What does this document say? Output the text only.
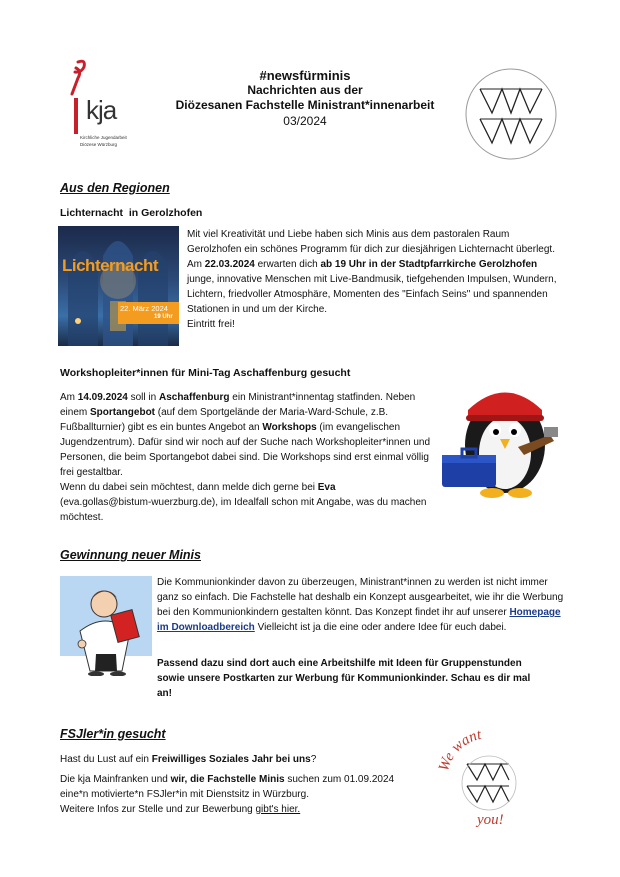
kja
Kirchliche Jugendarbeit
Diözese Würzburg
#newsfürminis
Nachrichten aus der
Diözesanen Fachstelle Ministrant*innenarbeit
03/2024
Aus den Regionen
Lichternacht  in Gerolzhofen
Lichternacht
22. März 2024
19 Uhr
Mit viel Kreativität und Liebe haben sich Minis aus dem pastoralen Raum Gerolzhofen ein schönes Programm für dich zur diesjährigen Lichternacht überlegt. Am 22.03.2024 erwarten dich ab 19 Uhr in der Stadtpfarrkirche Gerolzhofen junge, innovative Menschen mit Live-Bandmusik, tiefgehenden Impulsen, Wundern, Lichtern, friedvoller Atmosphäre, Momenten des "Einfach Seins" und spannenden Stationen in und um der Kirche.
Eintritt frei!
Workshopleiter*innen für Mini-Tag Aschaffenburg gesucht
Am 14.09.2024 soll in Aschaffenburg ein Ministrant*innentag statfinden. Neben einem Sportangebot (auf dem Sportgelände der Maria-Ward-Schule, z.B. Fußballturnier) gibt es ein buntes Angebot an Workshops (im evangelischen Jugendzentrum). Dafür sind wir noch auf der Suche nach Workshopleiter*innen und Personen, die beim Sportangebot dabei sind. Die Workshops sind erst einmal völlig frei gestaltbar.
Wenn du dabei sein möchtest, dann melde dich gerne bei Eva
(eva.gollas@bistum-wuerzburg.de), im Idealfall schon mit Angabe, was du machen möchtest.
Gewinnung neuer Minis
Die Kommunionkinder davon zu überzeugen, Ministrant*innen zu werden ist nicht immer ganz so einfach. Die Fachstelle hat deshalb ein Konzept ausgearbeitet, wie ihr die Werbung bei den Kommunionkindern gestalten könnt. Das Konzept findet ihr auf unserer Homepage im Downloadbereich Vielleicht ist ja die eine oder andere Idee für euch dabei.
Passend dazu sind dort auch eine Arbeitshilfe mit Ideen für Gruppenstunden sowie unsere Postkarten zur Werbung für Kommunionkinder. Schau es dir mal an!
FSJler*in gesucht
Hast du Lust auf ein Freiwilliges Soziales Jahr bei uns?
Die kja Mainfranken und wir, die Fachstelle Minis suchen zum 01.09.2024 eine*n motivierte*n FSJler*in mit Dienstsitz in Würzburg.
Weitere Infos zur Stelle und zur Bewerbung gibt's hier.
We want
you!
